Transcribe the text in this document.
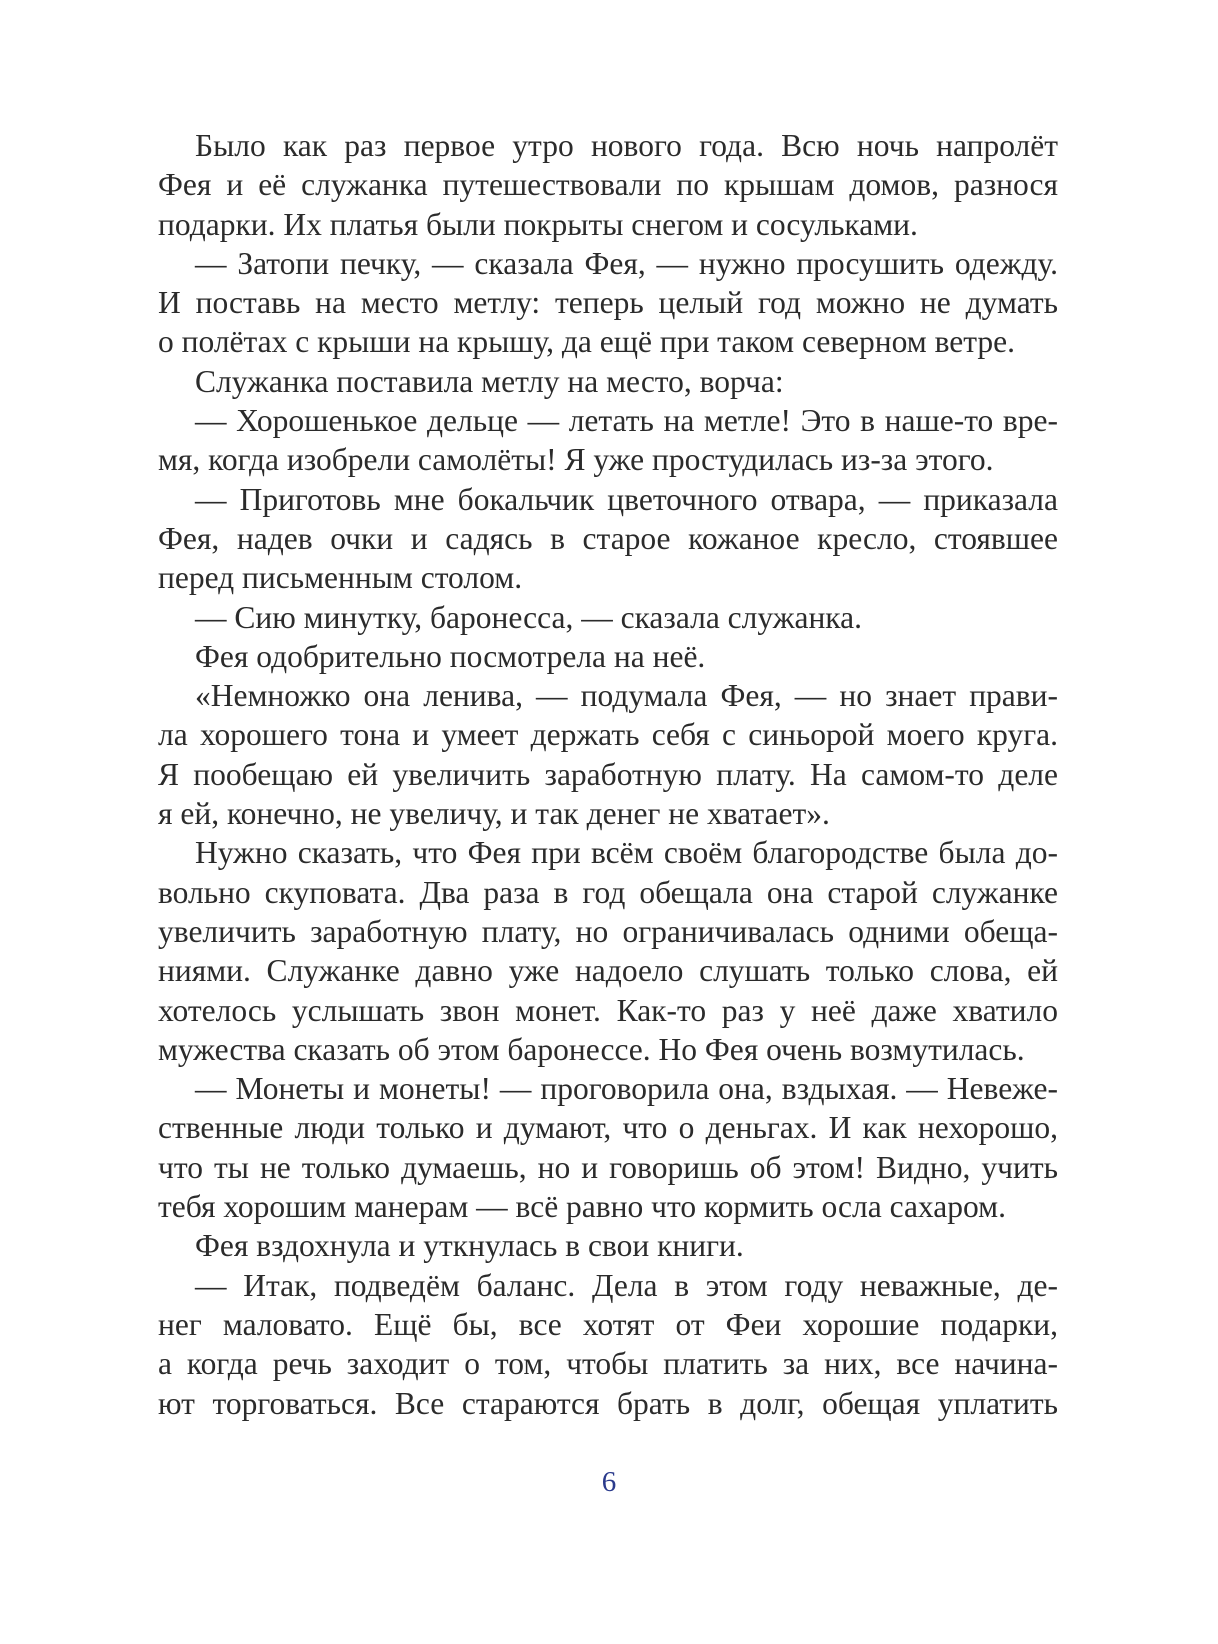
Было как раз первое утро нового года. Всю ночь напролёт
Фея и её служанка путешествовали по крышам домов, разнося
подарки. Их платья были покрыты снегом и сосульками.
— Затопи печку, — сказала Фея, — нужно просушить одежду.
И поставь на место метлу: теперь целый год можно не думать
о полётах с крыши на крышу, да ещё при таком северном ветре.
Служанка поставила метлу на место, ворча:
— Хорошенькое дельце — летать на метле! Это в наше-то вре-
мя, когда изобрели самолёты! Я уже простудилась из-за этого.
— Приготовь мне бокальчик цветочного отвара, — приказала
Фея, надев очки и садясь в старое кожаное кресло, стоявшее
перед письменным столом.
— Сию минутку, баронесса, — сказала служанка.
Фея одобрительно посмотрела на неё.
«Немножко она ленива, — подумала Фея, — но знает прави-
ла хорошего тона и умеет держать себя с синьорой моего круга.
Я пообещаю ей увеличить заработную плату. На самом-то деле
я ей, конечно, не увеличу, и так денег не хватает».
Нужно сказать, что Фея при всём своём благородстве была до-
вольно скуповата. Два раза в год обещала она старой служанке
увеличить заработную плату, но ограничивалась одними обеща-
ниями. Служанке давно уже надоело слушать только слова, ей
хотелось услышать звон монет. Как-то раз у неё даже хватило
мужества сказать об этом баронессе. Но Фея очень возмутилась.
— Монеты и монеты! — проговорила она, вздыхая. — Невеже-
ственные люди только и думают, что о деньгах. И как нехорошо,
что ты не только думаешь, но и говоришь об этом! Видно, учить
тебя хорошим манерам — всё равно что кормить осла сахаром.
Фея вздохнула и уткнулась в свои книги.
— Итак, подведём баланс. Дела в этом году неважные, де-
нег маловато. Ещё бы, все хотят от Феи хорошие подарки,
а когда речь заходит о том, чтобы платить за них, все начина-
ют торговаться. Все стараются брать в долг, обещая уплатить
6
